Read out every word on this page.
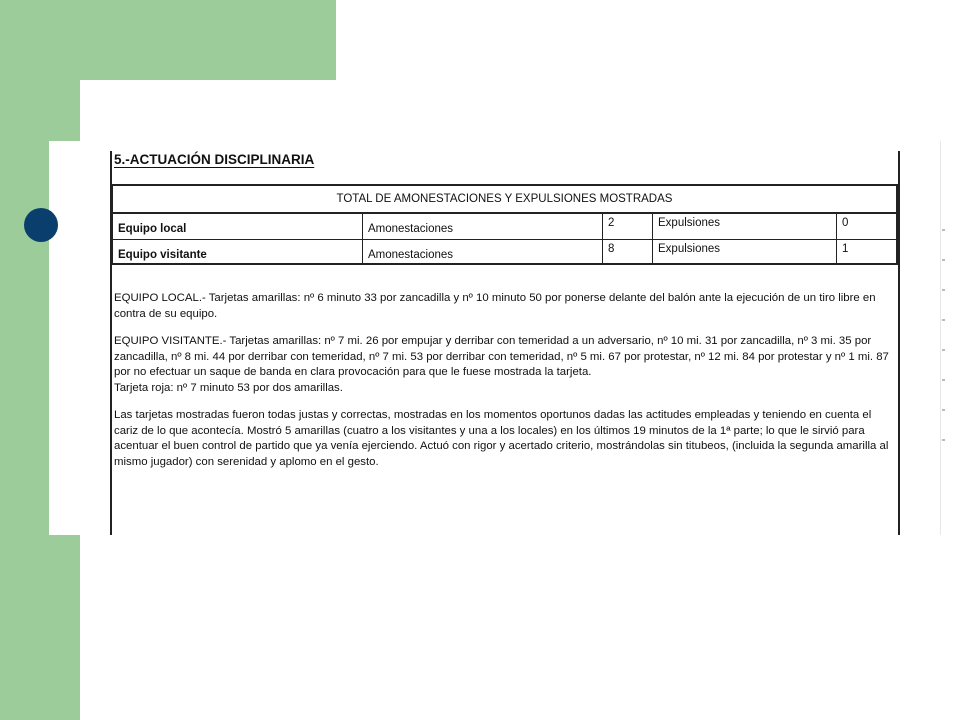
5.-ACTUACIÓN DISCIPLINARIA
TOTAL DE AMONESTACIONES Y EXPULSIONES MOSTRADAS
Equipo local	Amonestaciones	2	Expulsiones	0
Equipo visitante	Amonestaciones	8	Expulsiones	1

EQUIPO LOCAL.- Tarjetas amarillas: nº 6 minuto 33 por zancadilla y nº 10 minuto 50 por ponerse delante del balón ante la ejecución de un tiro libre en contra de su equipo.

EQUIPO VISITANTE.- Tarjetas amarillas: nº 7 mi. 26 por empujar y derribar con temeridad a un adversario, nº 10 mi. 31 por zancadilla, nº 3 mi. 35 por zancadilla, nº 8 mi. 44 por derribar con temeridad, nº 7 mi. 53 por derribar con temeridad, nº 5 mi. 67 por protestar, nº 12 mi. 84 por protestar y nº 1 mi. 87 por no efectuar un saque de banda en clara provocación para que le fuese mostrada la tarjeta.
Tarjeta roja: nº 7 minuto 53 por dos amarillas.

Las tarjetas mostradas fueron todas justas y correctas, mostradas en los momentos oportunos dadas las actitudes empleadas y teniendo en cuenta el cariz de lo que acontecía. Mostró 5 amarillas (cuatro a los visitantes y una a los locales) en los últimos 19 minutos de la 1ª parte; lo que le sirvió para acentuar el buen control de partido que ya venía ejerciendo. Actuó con rigor y acertado criterio, mostrándolas sin titubeos, (incluida la segunda amarilla al mismo jugador) con serenidad y aplomo en el gesto.
